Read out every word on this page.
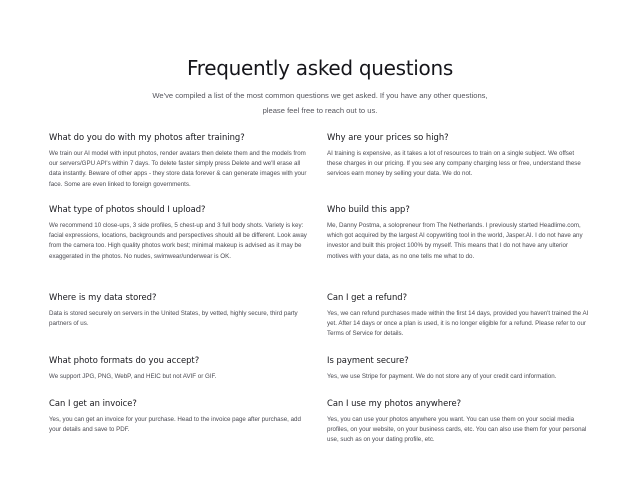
Frequently asked questions

We've compiled a list of the most common questions we get asked. If you have any other questions,
please feel free to reach out to us.

What do you do with my photos after training?

We train our AI model with input photos, render avatars then delete them and the models from our servers/GPU API's within 7 days. To delete faster simply press Delete and we'll erase all data instantly. Beware of other apps - they store data forever & can generate images with your face. Some are even linked to foreign governments.

Why are your prices so high?

AI training is expensive, as it takes a lot of resources to train on a single subject. We offset these charges in our pricing. If you see any company charging less or free, understand these services earn money by selling your data. We do not.

What type of photos should I upload?

We recommend 10 close-ups, 3 side profiles, 5 chest-up and 3 full body shots. Variety is key: facial expressions, locations, backgrounds and perspectives should all be different. Look away from the camera too. High quality photos work best; minimal makeup is advised as it may be exaggerated in the photos. No nudes, swimwear/underwear is OK.

Who build this app?

Me, Danny Postma, a solopreneur from The Netherlands. I previously started Headlime.com, which got acquired by the largest AI copywriting tool in the world, Jasper.AI. I do not have any investor and built this project 100% by myself. This means that I do not have any ulterior motives with your data, as no one tells me what to do.

Where is my data stored?

Data is stored securely on servers in the United States, by vetted, highly secure, third party partners of us.

Can I get a refund?

Yes, we can refund purchases made within the first 14 days, provided you haven't trained the AI yet. After 14 days or once a plan is used, it is no longer eligible for a refund. Please refer to our Terms of Service for details.

What photo formats do you accept?

We support JPG, PNG, WebP, and HEIC but not AVIF or GIF.

Is payment secure?

Yes, we use Stripe for payment. We do not store any of your credit card information.

Can I get an invoice?

Yes, you can get an invoice for your purchase. Head to the invoice page after purchase, add your details and save to PDF.

Can I use my photos anywhere?

Yes, you can use your photos anywhere you want. You can use them on your social media profiles, on your website, on your business cards, etc. You can also use them for your personal use, such as on your dating profile, etc.
